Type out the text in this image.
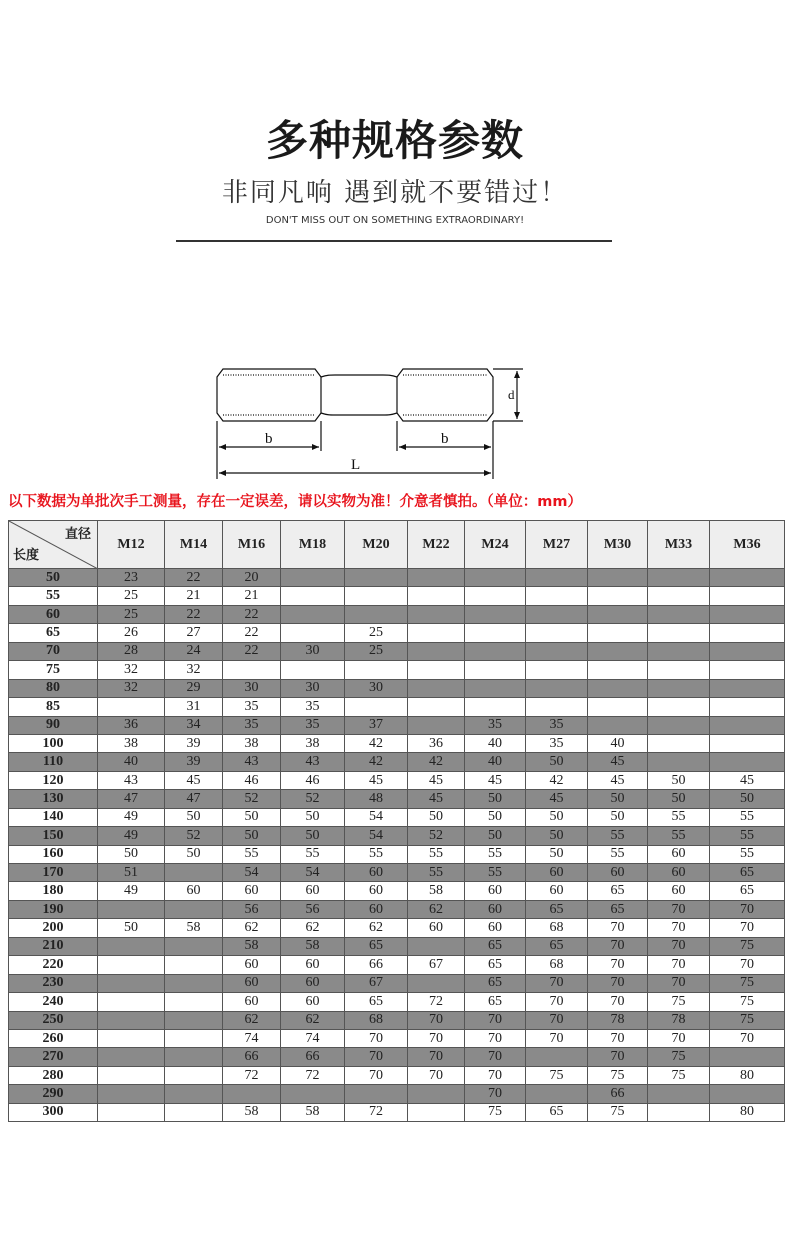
多种规格参数
非同凡响 遇到就不要错过！
DON'T MISS OUT ON SOMETHING EXTRAORDINARY!
b	b
L
d
以下数据为单批次手工测量，存在一定误差，请以实物为准！介意者慎拍。（单位：mm）
直径
长度	M12	M14	M16	M18	M20	M22	M24	M27	M30	M33	M36
50	23	22	20								
55	25	21	21								
60	25	22	22								
65	26	27	22		25						
70	28	24	22	30	25						
75	32	32									
80	32	29	30	30	30						
85		31	35	35							
90	36	34	35	35	37		35	35			
100	38	39	38	38	42	36	40	35	40		
110	40	39	43	43	42	42	40	50	45		
120	43	45	46	46	45	45	45	42	45	50	45
130	47	47	52	52	48	45	50	45	50	50	50
140	49	50	50	50	54	50	50	50	50	55	55
150	49	52	50	50	54	52	50	50	55	55	55
160	50	50	55	55	55	55	55	50	55	60	55
170	51		54	54	60	55	55	60	60	60	65
180	49	60	60	60	60	58	60	60	65	60	65
190			56	56	60	62	60	65	65	70	70
200	50	58	62	62	62	60	60	68	70	70	70
210			58	58	65		65	65	70	70	75
220			60	60	66	67	65	68	70	70	70
230			60	60	67		65	70	70	70	75
240			60	60	65	72	65	70	70	75	75
250			62	62	68	70	70	70	78	78	75
260			74	74	70	70	70	70	70	70	70
270			66	66	70	70	70		70	75	
280			72	72	70	70	70	75	75	75	80
290							70		66		
300			58	58	72		75	65	75		80
